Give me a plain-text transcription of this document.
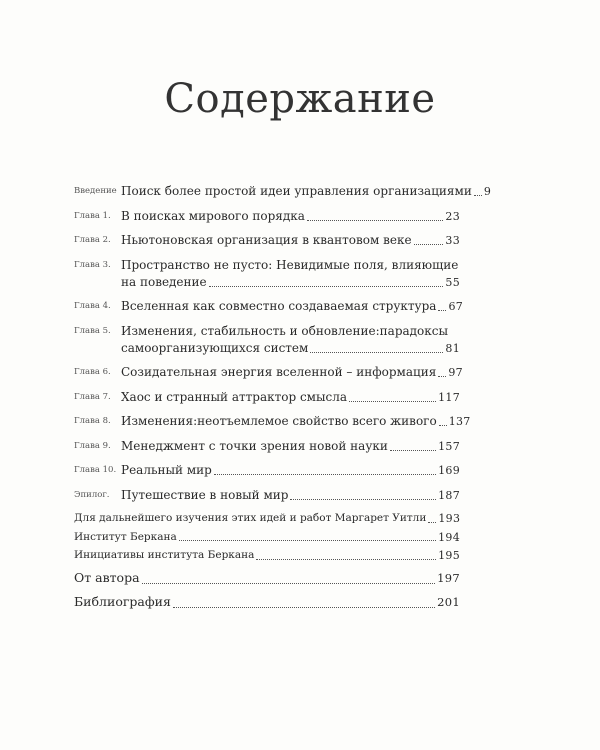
Содержание
Введение Поиск более простой идеи управления организациями 9
Глава 1. В поисках мирового порядка	23
Глава 2. Ньютоновская организация в квантовом веке	33
Глава 3. Пространство не пусто: Невидимые поля, влияющие
на поведение	55
Глава 4. Вселенная как совместно создаваемая структура 67
Глава 5. Изменения, стабильность и обновление:парадоксы
самоорганизующихся систем	81
Глава 6. Созидательная энергия вселенной – информация 97
Глава 7. Хаос и странный аттрактор смысла	117
Глава 8. Изменения:неотъемлемое свойство всего живого 137
Глава 9. Менеджмент с точки зрения новой науки	157
Глава 10. Реальный мир	169
Эпилог. Путешествие в новый мир	187
Для дальнейшего изучения этих идей и работ Маргарет Уитли 193
Институт Беркана	194
Инициативы института Беркана	195
От автора	197
Библиография	201
